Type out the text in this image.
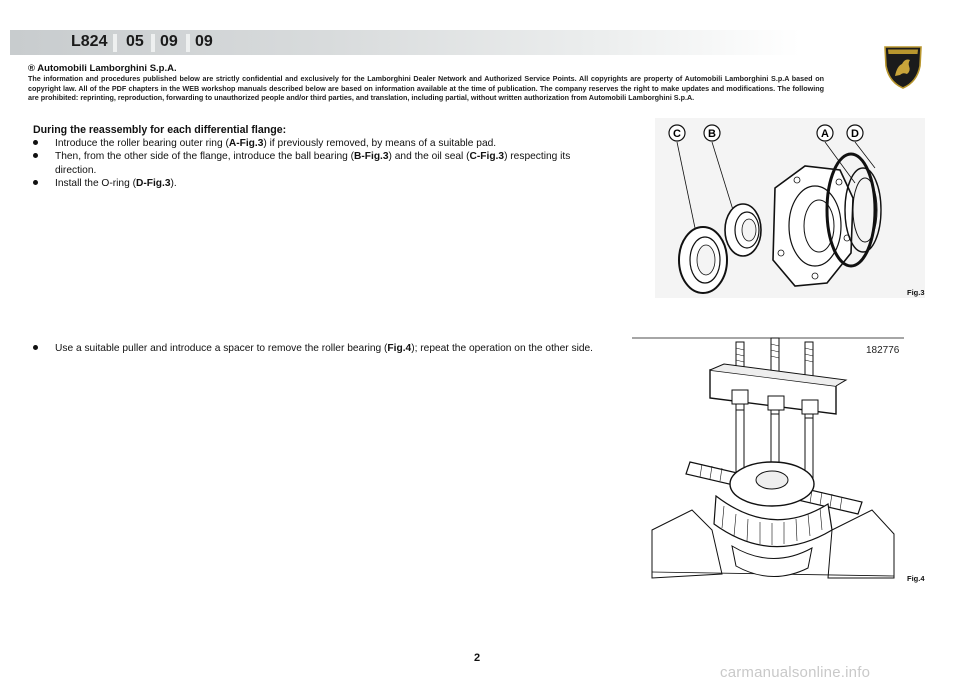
L824 05 09 09
® Automobili Lamborghini S.p.A.
The information and procedures published below are strictly confidential and exclusively for the Lamborghini Dealer Network and Authorized Service Points. All copyrights are property of Automobili Lamborghini S.p.A based on copyright law. All of the PDF chapters in the WEB workshop manuals described below are based on information available at the time of publication. The company reserves the right to make updates and modifications. The following are prohibited: reprinting, reproduction, forwarding to unauthorized people and/or third parties, and translation, including partial, without written authorization from Automobili Lamborghini S.p.A.
During the reassembly for each differential flange:
Introduce the roller bearing outer ring (A-Fig.3) if previously removed, by means of a suitable pad.
Then, from the other side of the flange, introduce the ball bearing (B-Fig.3) and the oil seal (C-Fig.3) respecting its direction.
Install the O-ring (D-Fig.3).
Use a suitable puller and introduce a spacer to remove the roller bearing (Fig.4); repeat the operation on the other side.
C B	A D
Fig.3
182776
Fig.4
2
carmanualsonline.info
